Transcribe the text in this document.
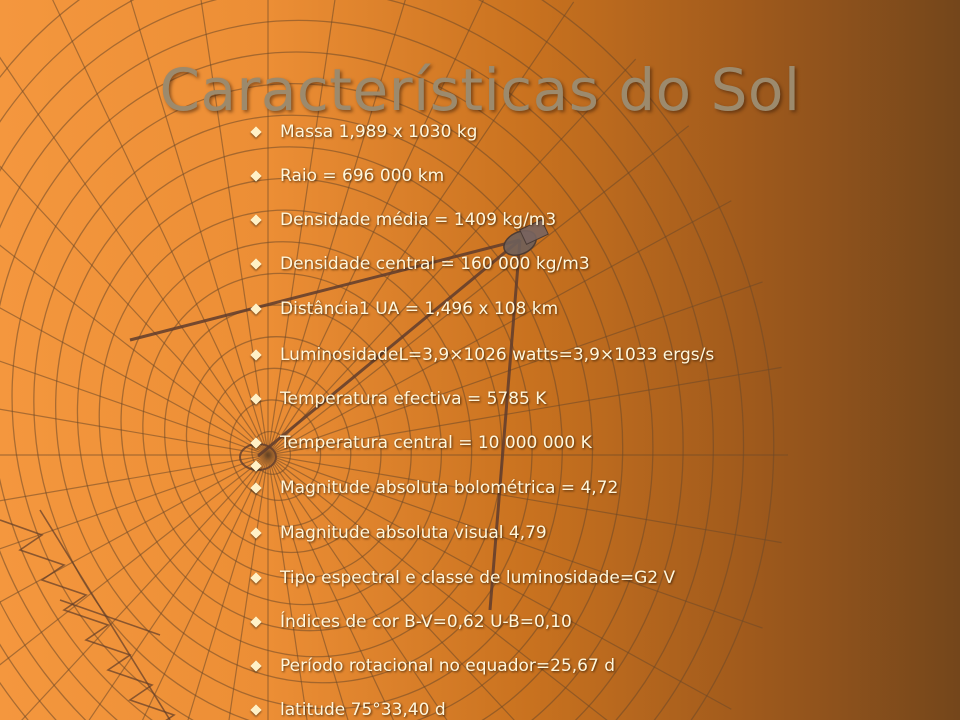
Características do Sol
Massa 1,989 x 1030 kg
Raio = 696 000 km
Densidade média = 1409 kg/m3
Densidade central = 160 000 kg/m3
Distância1 UA = 1,496 x 108 km
LuminosidadeL=3,9×1026 watts=3,9×1033 ergs/s
Temperatura efectiva = 5785 K
Temperatura central = 10 000 000 K
Magnitude absoluta bolométrica = 4,72
Magnitude absoluta visual 4,79
Tipo espectral e classe de luminosidade=G2 V
Índices de cor B-V=0,62 U-B=0,10
Período rotacional no equador=25,67 d
latitude 75°33,40 d
